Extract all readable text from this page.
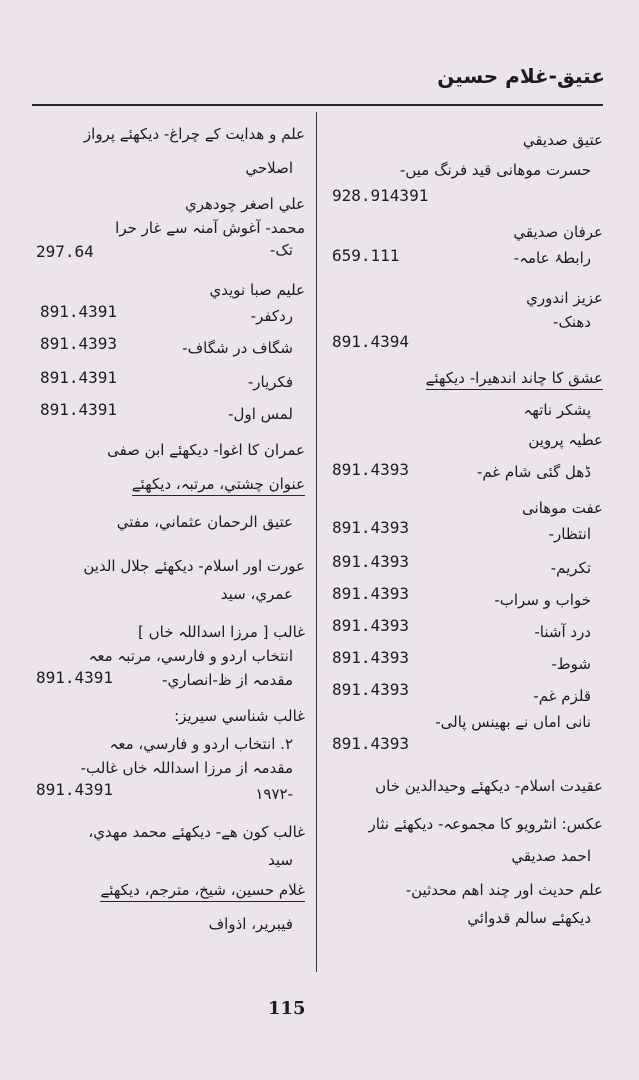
عتیق-غلام حسین
عتیق صدیقي
حسرت موهانی قید فرنگ میں-
928.914391
عرفان صدیقي
رابطۂ عامہ-
659.111
عزیز اندوري
دهنک-
891.4394
عشق کا چاند اندهیرا- دیکھئے
پشکر ناتهہ
عطیہ پروین
ڈھل گئی شام غم-
891.4393
عفت موهانی
انتظار-
891.4393
تکریم-
891.4393
خواب و سراب-
891.4393
درد آشنا-
891.4393
شوط-
891.4393
قلزم غم-
891.4393
نانی اماں نے بهینس پالی-
891.4393
عقیدت اسلام- دیکھئے وحیدالدین خاں
عکس: انٹرویو کا مجموعہ- دیکھئے نثار
احمد صدیقي
علم حدیث اور چند اهم محدثین-
دیکھئے سالم قدوائي
علم و هدایت کے چراغ- دیکھئے پرواز
اصلاحي
علي اصغر چودهري
محمد- آغوش آمنہ سے غار حرا
تک-
297.64
علیم صبا نویدي
ردکفر-
891.4391
شگاف در شگاف-
891.4393
فکریار-
891.4391
لمس اول-
891.4391
عمران کا اغوا- دیکھئے ابن صفی
عنوان چشتي، مرتبہ، دیکھئے
عتیق الرحمان عثماني، مفتي
عورت اور اسلام- دیکھئے جلال الدین
عمري، سید
غالب [ مرزا اسداللہ خاں ]
انتخاب اردو و فارسي، مرتبہ معہ
مقدمہ از ظ-انصاري-
891.4391
غالب شناسي سیریز:
٢. انتخاب اردو و فارسي، معہ
مقدمہ از مرزا اسداللہ خاں غالب-
-١٩٧٢
891.4391
غالب کون هے- دیکھئے محمد مهدي،
سید
غلام حسین، شیخ، مترجم، دیکھئے
فیبریر، اذواف
115
